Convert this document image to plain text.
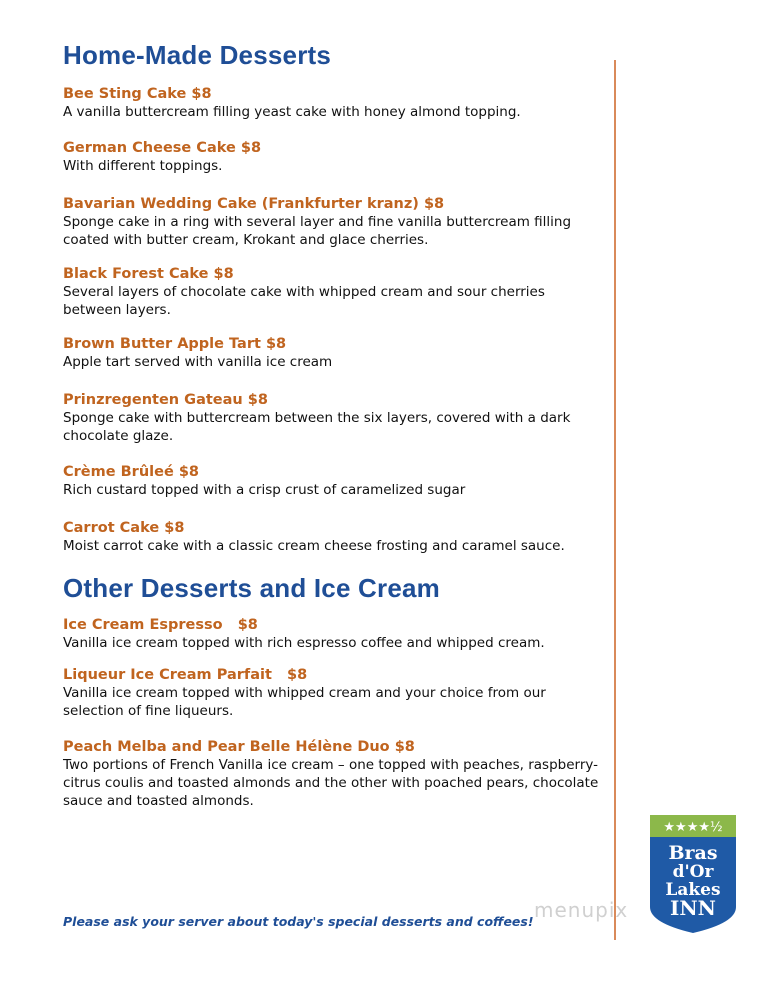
Home-Made Desserts
Bee Sting Cake $8
A vanilla buttercream filling yeast cake with honey almond topping.
German Cheese Cake $8
With different toppings.
Bavarian Wedding Cake (Frankfurter kranz) $8
Sponge cake in a ring with several layer and fine vanilla buttercream filling coated with butter cream, Krokant and glace cherries.
Black Forest Cake $8
Several layers of chocolate cake with whipped cream and sour cherries between layers.
Brown Butter Apple Tart $8
Apple tart served with vanilla ice cream
Prinzregenten Gateau $8
Sponge cake with buttercream between the six layers, covered with a dark chocolate glaze.
Crème Brûleé $8
Rich custard topped with a crisp crust of caramelized sugar
Carrot Cake $8
Moist carrot cake with a classic cream cheese frosting and caramel sauce.
Other Desserts and Ice Cream
Ice Cream Espresso   $8
Vanilla ice cream topped with rich espresso coffee and whipped cream.
Liqueur Ice Cream Parfait   $8
Vanilla ice cream topped with whipped cream and your choice from our selection of fine liqueurs.
Peach Melba and Pear Belle Hélène Duo $8
Two portions of French Vanilla ice cream – one topped with peaches, raspberry-citrus coulis and toasted almonds and the other with poached pears, chocolate sauce and toasted almonds.
Please ask your server about today's special desserts and coffees! menupix
★★★★½
Bras
d'Or
Lakes
INN
